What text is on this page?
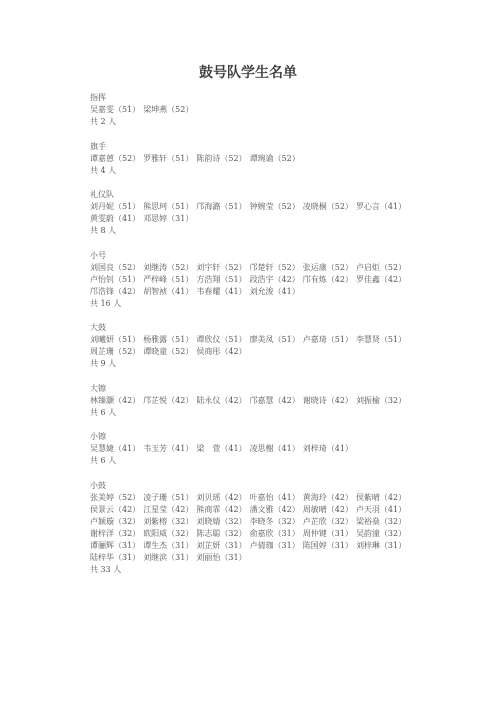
鼓号队学生名单
指挥
吴嘉雯（51） 梁坤燕（52）
共 2 人
旗手
谭嘉蒽（52） 罗雅轩（51） 陈韵诗（52） 谭琬谕（52）
共 4 人
礼仪队
刘丹妮（51） 熊思珂（51） 邝海潞（51） 钟婉莹（52） 凌晓桐（52） 罗心言（41）
黄雯蔚（41） 邓思婷（31）
共 8 人
小号
刘国良（52） 刘继涛（52） 刘宇轩（52） 邝楚轩（52） 张运康（52） 卢启炬（52）
卢怡钊（51） 严梓峰（51） 方浩翔（51） 段浩宇（42） 邝有炼（42） 罗佳鑫（42）
邝浩锋（42） 胡智祯（41） 韦春耀（41） 刘允浚（41）
共 16 人
大鼓
刘曦妍（51） 杨雅露（51） 谭欣仪（51） 廖美凤（51） 卢嘉琦（51） 李慧贤（51）
周芷珊（52） 谭晓童（52） 侯商彤（42）
共 9 人
大镲
林臻灏（42） 邝芷悦（42） 陆永仪（42） 邝嘉慧（42） 谢晓诗（42） 刘振榆（32）
共 6 人
小镲
吴慧婕（41） 韦玉芳（41） 梁　萱（41） 凌思榭（41） 刘梓琦（41）
共 6 人
小鼓
张美婷（52） 凌子珊（51） 刘贝瑶（42） 叶嘉怡（41） 黄海玲（42） 侯紫晴（42）
侯景云（42） 江星莹（42） 熊商霏（42） 潘文雅（42） 周敏晴（42） 卢天羽（41）
卢颖璇（32） 刘紫榕（32） 刘晓婧（32） 李晓冬（32） 卢芷欣（32） 梁裕燊（32）
谢梓洋（32） 欧阳威（32） 陈志聪（32） 俞嘉欣（31） 周仲键（31） 吴韵潼（32）
谭骊辉（31） 谭生杰（31） 刘芷妍（31） 卢倩珈（31） 陈国婷（31） 刘梓琳（31）
陆梓华（31） 刘继滨（31） 刘丽怡（31）
共 33 人
